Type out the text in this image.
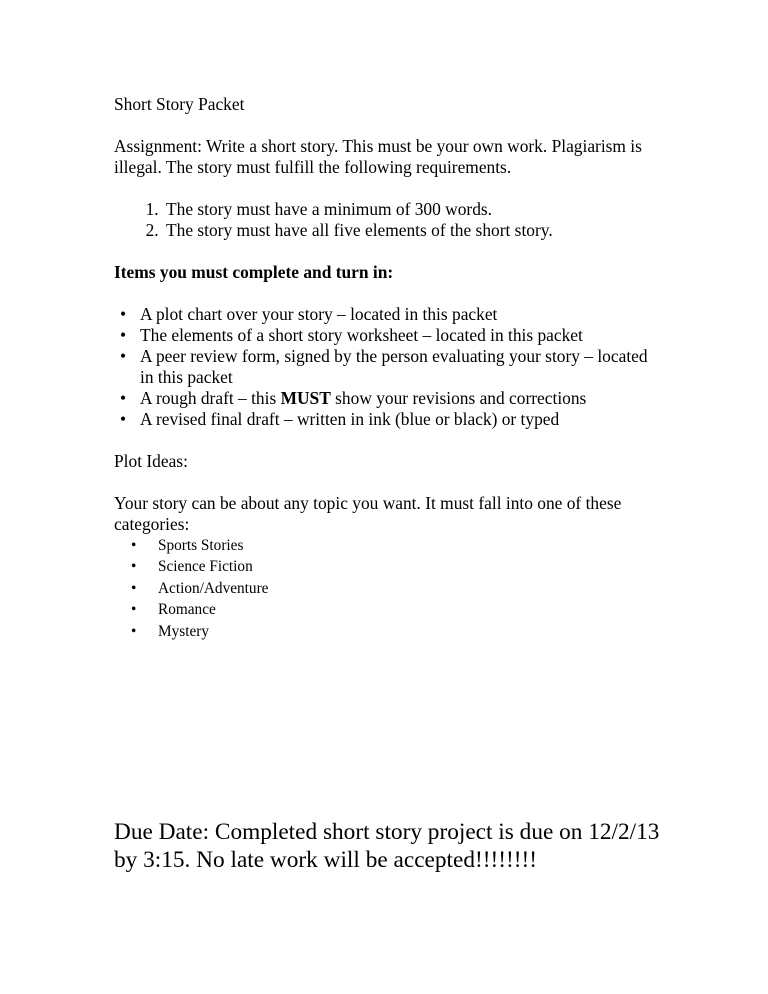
Short Story Packet

Assignment: Write a short story. This must be your own work. Plagiarism is illegal. The story must fulfill the following requirements.

1. The story must have a minimum of 300 words.
2. The story must have all five elements of the short story.

Items you must complete and turn in:

• A plot chart over your story – located in this packet
• The elements of a short story worksheet – located in this packet
• A peer review form, signed by the person evaluating your story – located in this packet
• A rough draft – this MUST show your revisions and corrections
• A revised final draft – written in ink (blue or black) or typed

Plot Ideas:

Your story can be about any topic you want. It must fall into one of these categories:

• Sports Stories
• Science Fiction
• Action/Adventure
• Romance
• Mystery

Due Date: Completed short story project is due on 12/2/13 by 3:15. No late work will be accepted!!!!!!!!
